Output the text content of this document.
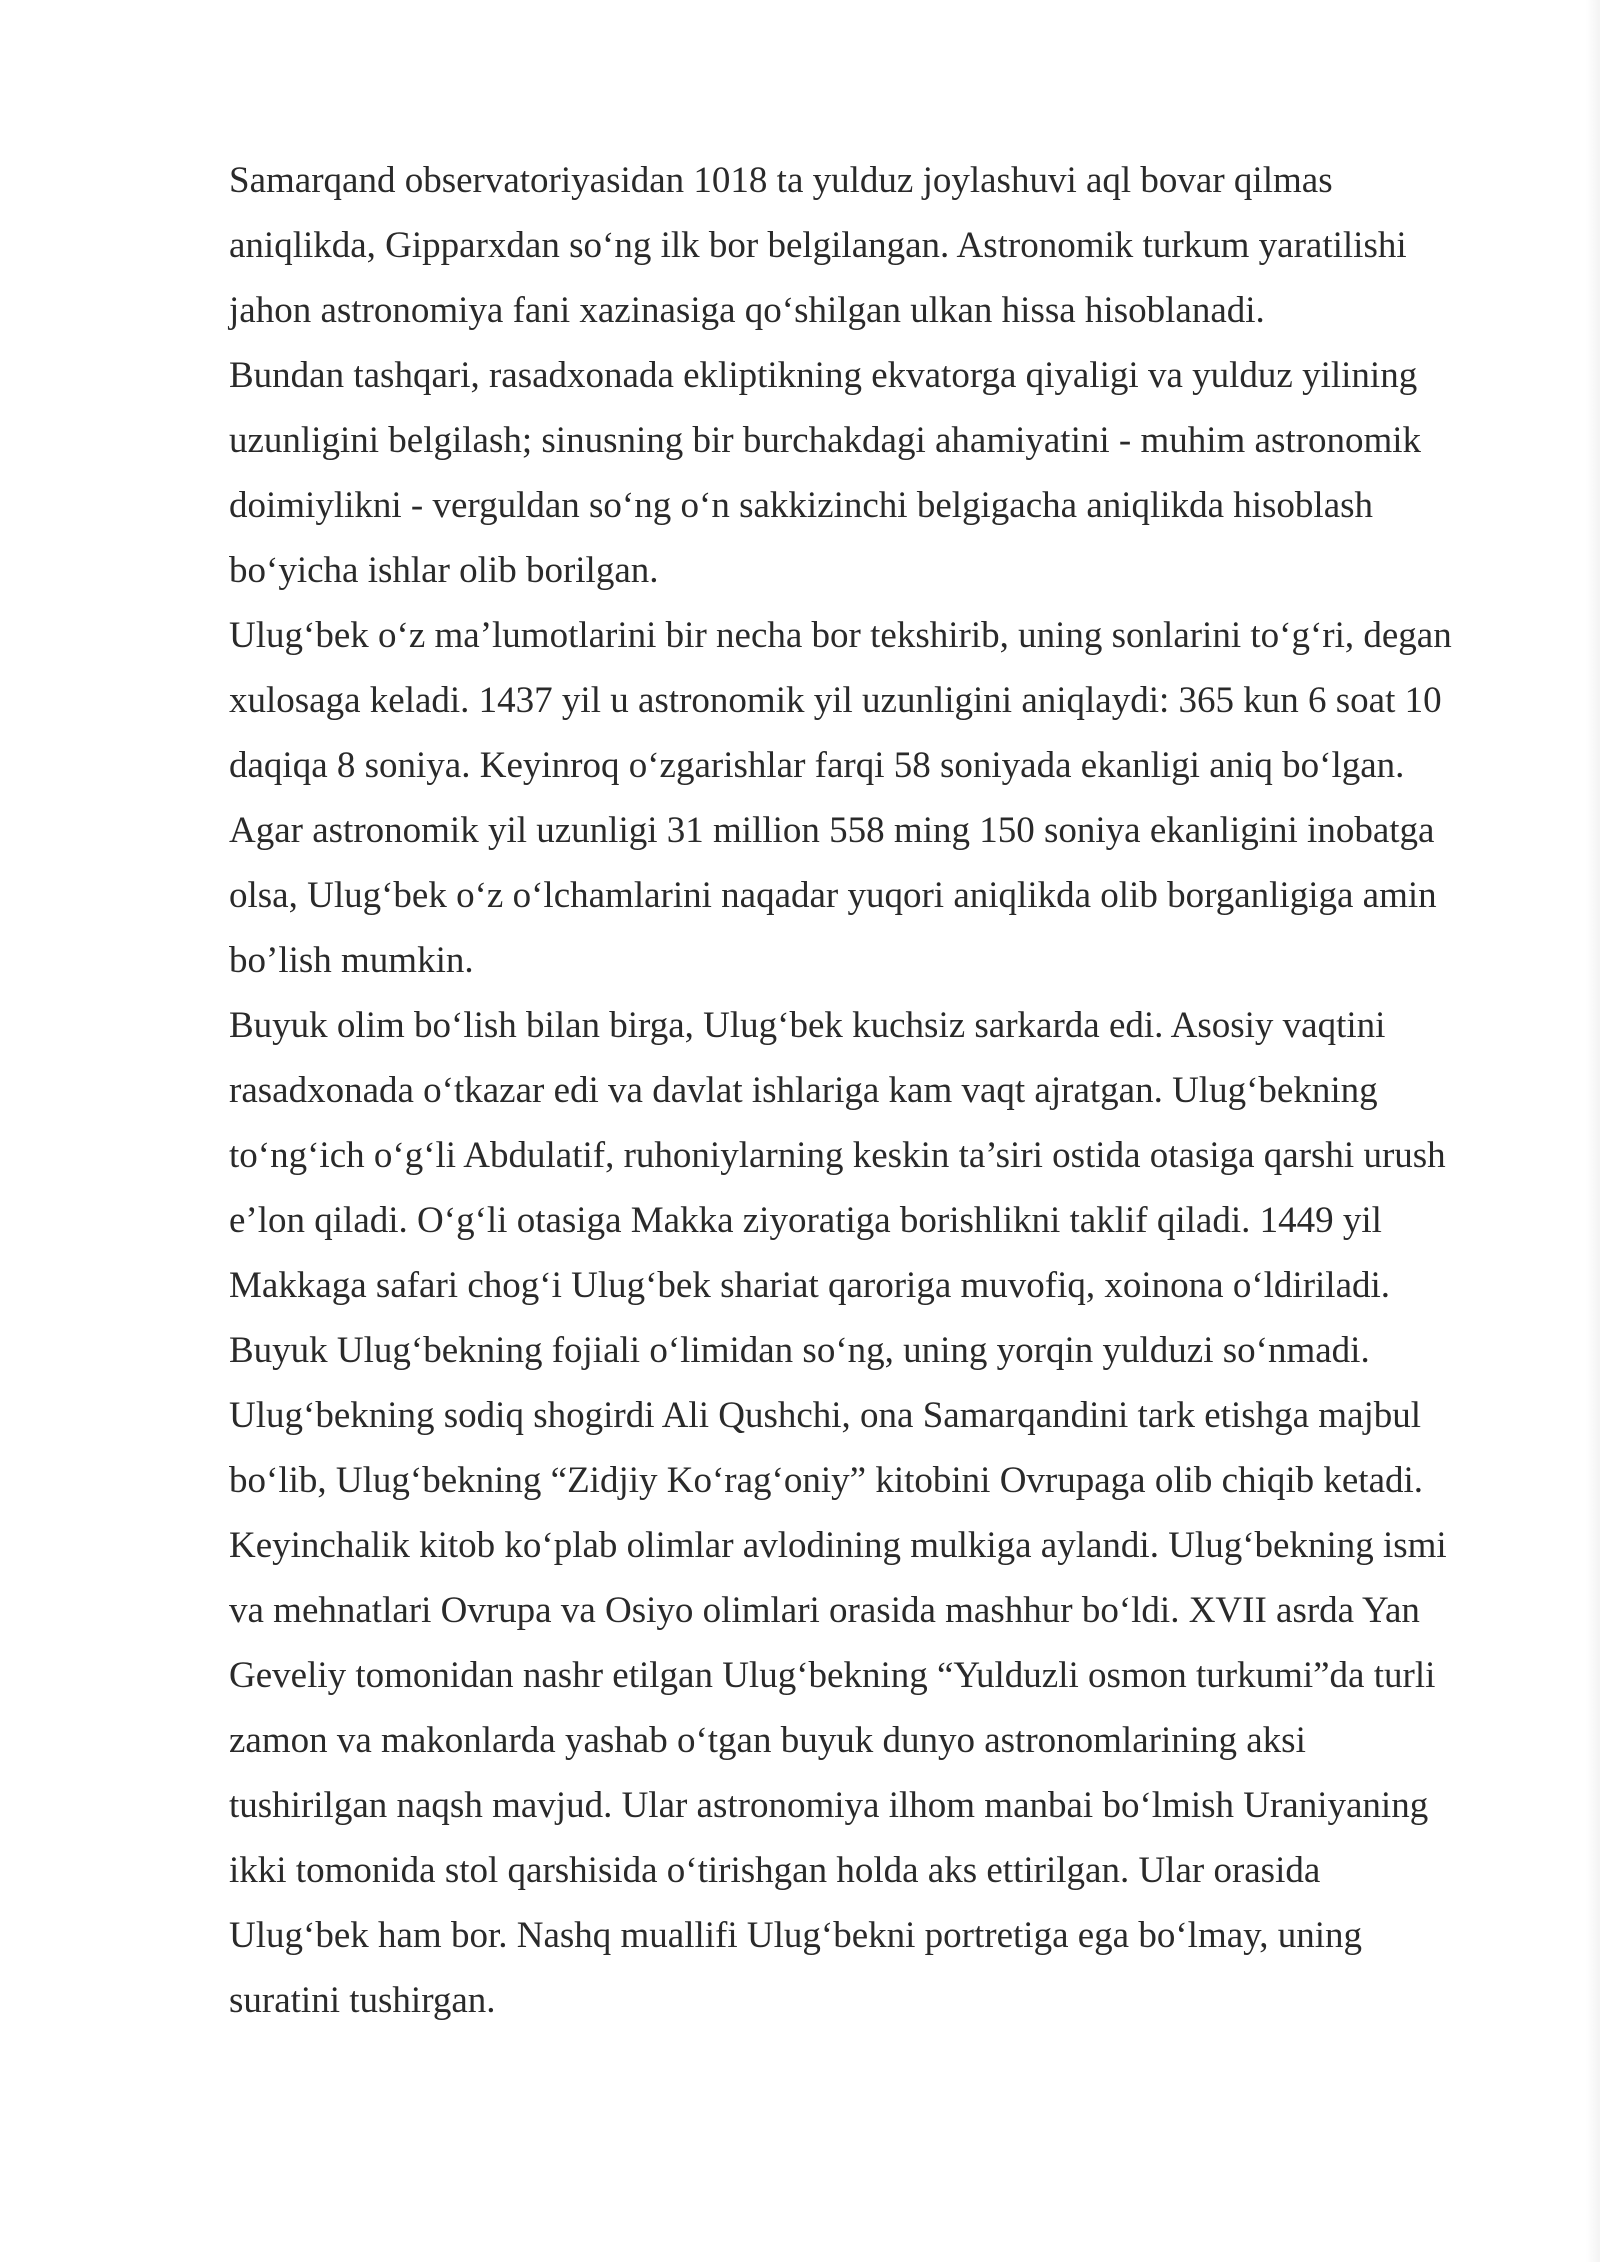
Samarqand observatoriyasidan 1018 ta yulduz joylashuvi aql bovar qilmas
aniqlikda, Gipparxdan so‘ng ilk bor belgilangan. Astronomik turkum yaratilishi
jahon astronomiya fani xazinasiga qo‘shilgan ulkan hissa hisoblanadi.
Bundan tashqari, rasadxonada ekliptikning ekvatorga qiyaligi va yulduz yilining
uzunligini belgilash; sinusning bir burchakdagi ahamiyatini - muhim astronomik
doimiylikni - verguldan so‘ng o‘n sakkizinchi belgigacha aniqlikda hisoblash
bo‘yicha ishlar olib borilgan.
Ulug‘bek o‘z ma’lumotlarini bir necha bor tekshirib, uning sonlarini to‘g‘ri, degan
xulosaga keladi. 1437 yil u astronomik yil uzunligini aniqlaydi: 365 kun 6 soat 10
daqiqa 8 soniya. Keyinroq o‘zgarishlar farqi 58 soniyada ekanligi aniq bo‘lgan.
Agar astronomik yil uzunligi 31 million 558 ming 150 soniya ekanligini inobatga
olsa, Ulug‘bek o‘z o‘lchamlarini naqadar yuqori aniqlikda olib borganligiga amin
bo’lish mumkin.
Buyuk olim bo‘lish bilan birga, Ulug‘bek kuchsiz sarkarda edi. Asosiy vaqtini
rasadxonada o‘tkazar edi va davlat ishlariga kam vaqt ajratgan. Ulug‘bekning
to‘ng‘ich o‘g‘li Abdulatif, ruhoniylarning keskin ta’siri ostida otasiga qarshi urush
e’lon qiladi. O‘g‘li otasiga Makka ziyoratiga borishlikni taklif qiladi. 1449 yil
Makkaga safari chog‘i Ulug‘bek shariat qaroriga muvofiq, xoinona o‘ldiriladi.
Buyuk Ulug‘bekning fojiali o‘limidan so‘ng, uning yorqin yulduzi so‘nmadi.
Ulug‘bekning sodiq shogirdi Ali Qushchi, ona Samarqandini tark etishga majbul
bo‘lib, Ulug‘bekning “Zidjiy Ko‘rag‘oniy” kitobini Ovrupaga olib chiqib ketadi.
Keyinchalik kitob ko‘plab olimlar avlodining mulkiga aylandi. Ulug‘bekning ismi
va mehnatlari Ovrupa va Osiyo olimlari orasida mashhur bo‘ldi. XVII asrda Yan
Geveliy tomonidan nashr etilgan Ulug‘bekning “Yulduzli osmon turkumi”da turli
zamon va makonlarda yashab o‘tgan buyuk dunyo astronomlarining aksi
tushirilgan naqsh mavjud. Ular astronomiya ilhom manbai bo‘lmish Uraniyaning
ikki tomonida stol qarshisida o‘tirishgan holda aks ettirilgan. Ular orasida
Ulug‘bek ham bor. Nashq muallifi Ulug‘bekni portretiga ega bo‘lmay, uning
suratini tushirgan.
